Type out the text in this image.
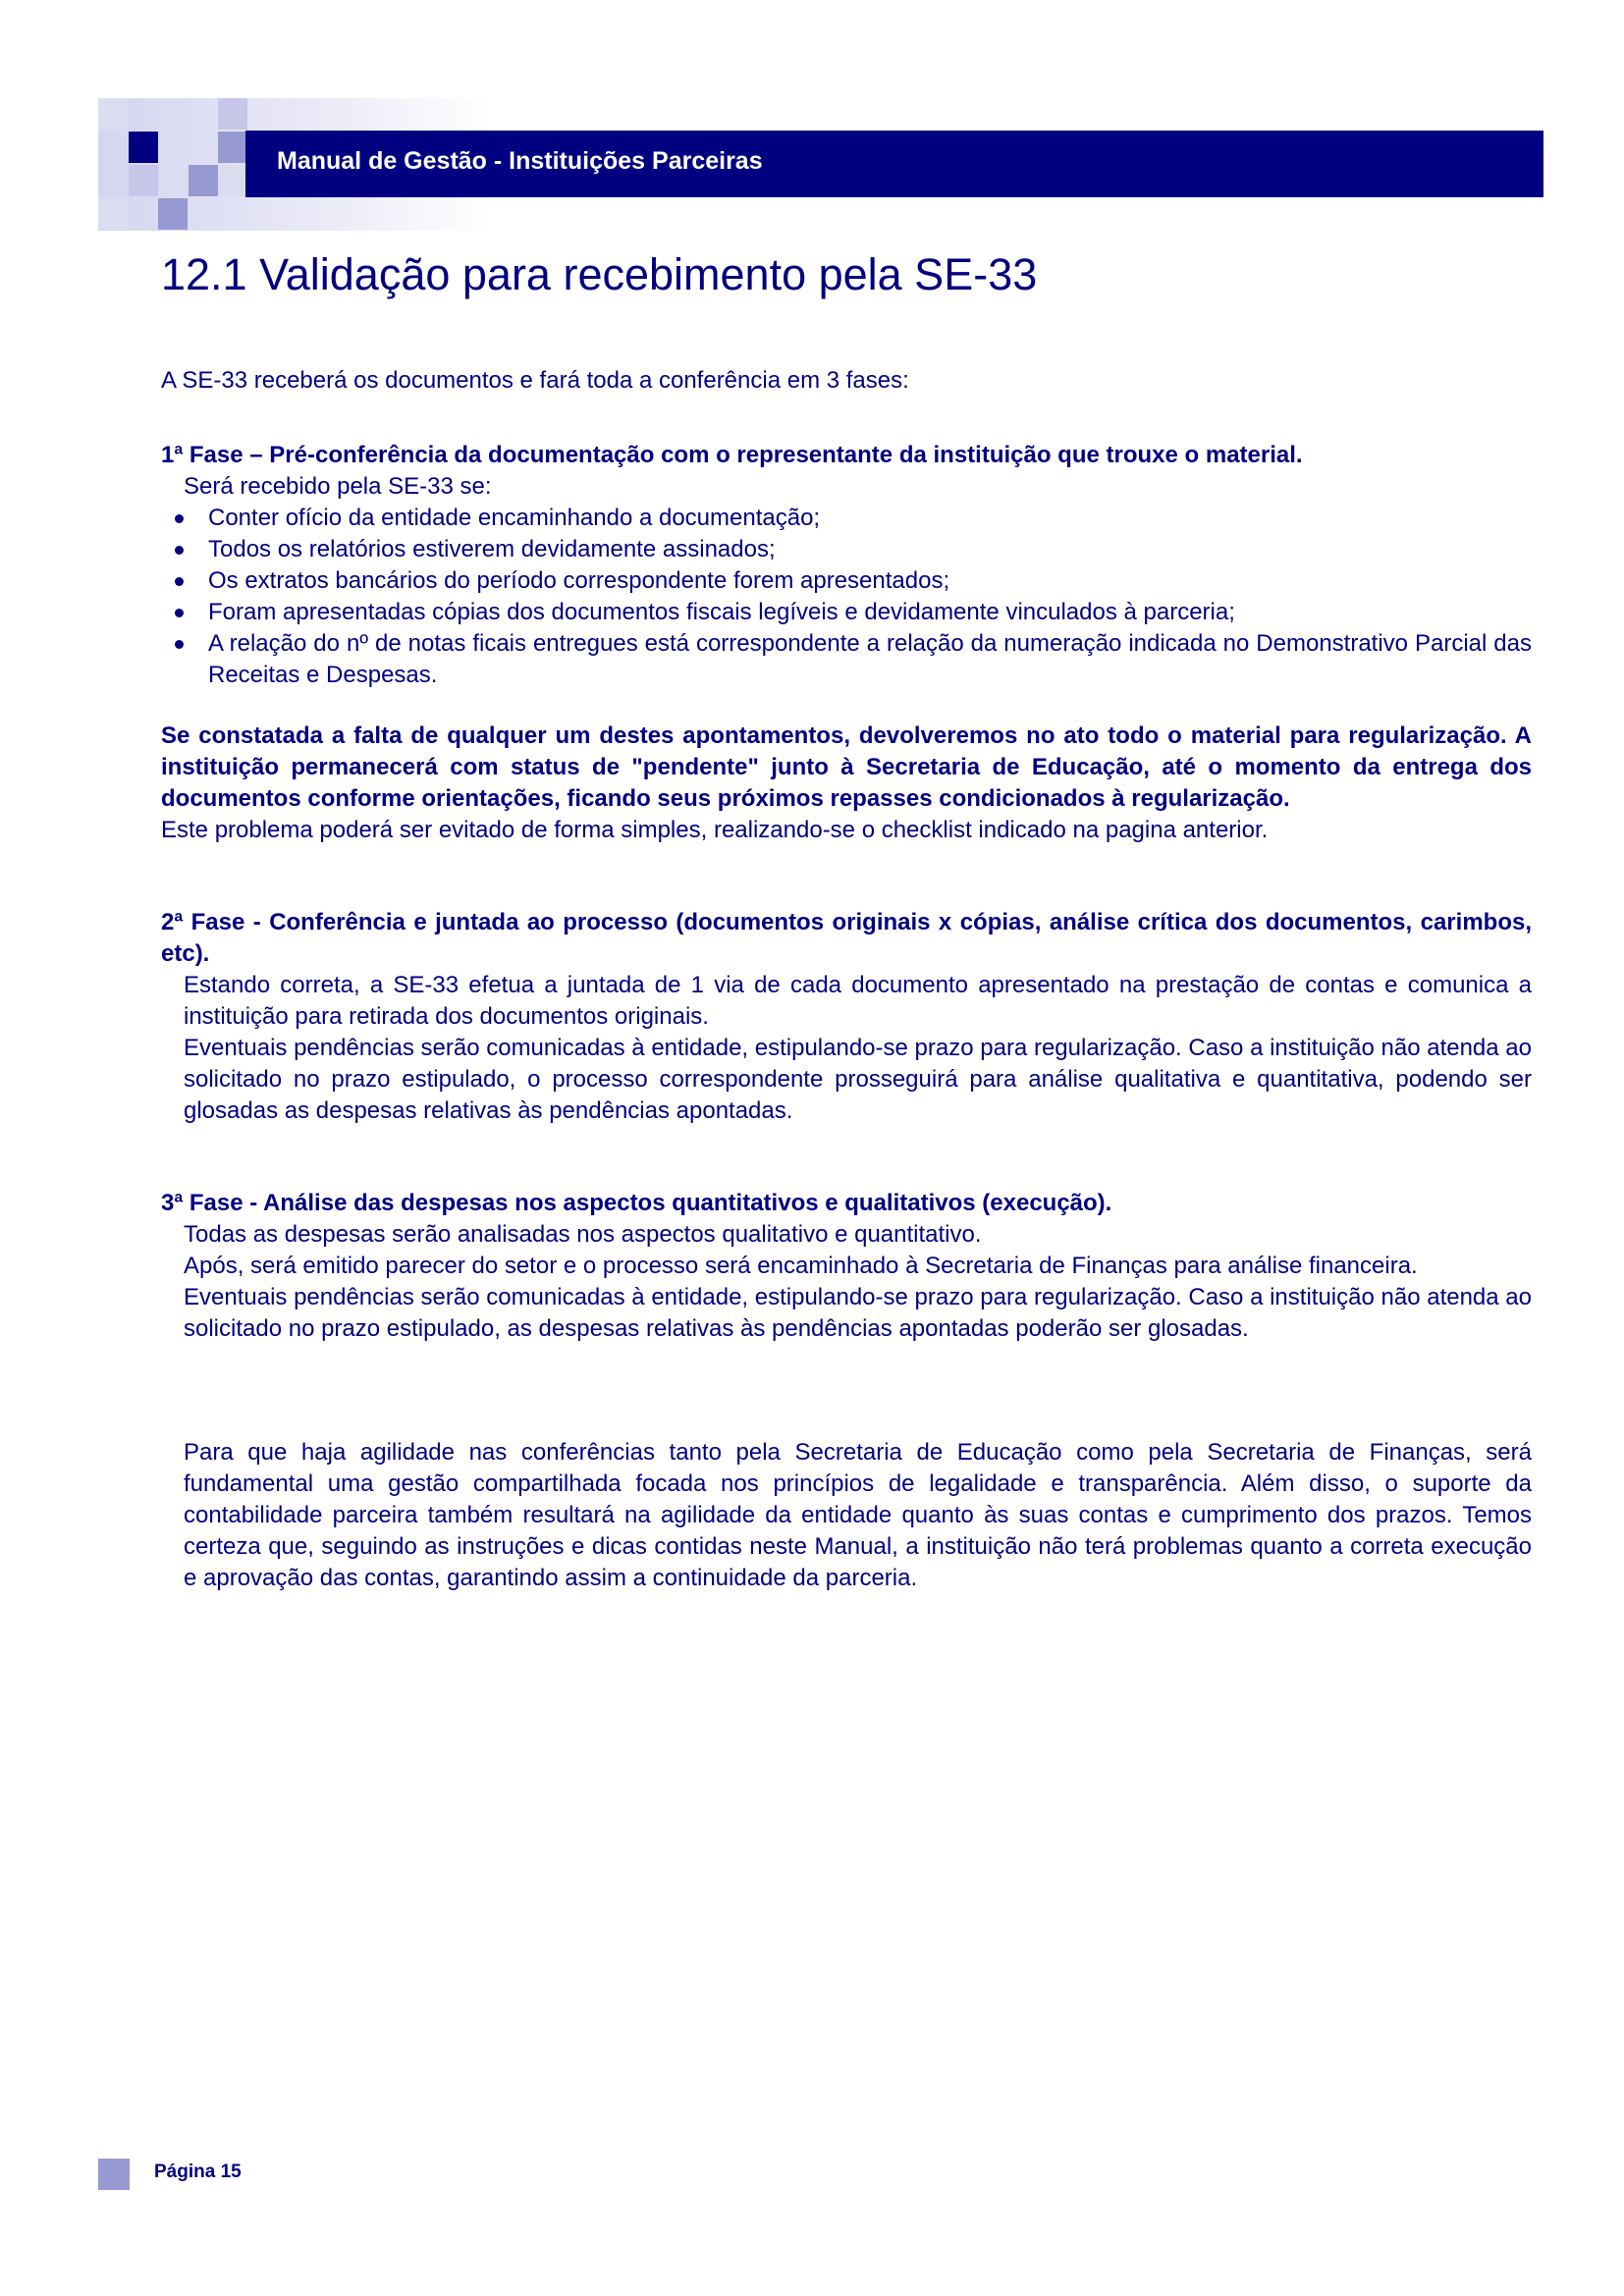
Manual de Gestão - Instituições Parceiras
12.1 Validação para recebimento pela SE-33

A SE-33 receberá os documentos e fará toda a conferência em 3 fases:

1ª Fase – Pré-conferência da documentação com o representante da instituição que trouxe o material.

Será recebido pela SE-33 se:

Conter ofício da entidade encaminhando a documentação;
Todos os relatórios estiverem devidamente assinados;
Os extratos bancários do período correspondente forem apresentados;
Foram apresentadas cópias dos documentos fiscais legíveis e devidamente vinculados à parceria;
A relação do nº de notas ficais entregues está correspondente a relação da numeração indicada no Demonstrativo Parcial das Receitas e Despesas.

Se constatada a falta de qualquer um destes apontamentos, devolveremos no ato todo o material para regularização. A instituição permanecerá com status de "pendente" junto à Secretaria de Educação, até o momento da entrega dos documentos conforme orientações, ficando seus próximos repasses condicionados à regularização.

Este problema poderá ser evitado de forma simples, realizando-se o checklist indicado na pagina anterior.

2ª Fase - Conferência e juntada ao processo (documentos originais x cópias, análise crítica dos documentos, carimbos, etc).

Estando correta, a SE-33 efetua a juntada de 1 via de cada documento apresentado na prestação de contas e comunica a instituição para retirada dos documentos originais.

Eventuais pendências serão comunicadas à entidade, estipulando-se prazo para regularização. Caso a instituição não atenda ao solicitado no prazo estipulado, o processo correspondente prosseguirá para análise qualitativa e quantitativa, podendo ser glosadas as despesas relativas às pendências apontadas.

3ª Fase - Análise das despesas nos aspectos quantitativos e qualitativos (execução).

Todas as despesas serão analisadas nos aspectos qualitativo e quantitativo.

Após, será emitido parecer do setor e o processo será encaminhado à Secretaria de Finanças para análise financeira.

Eventuais pendências serão comunicadas à entidade, estipulando-se prazo para regularização. Caso a instituição não atenda ao solicitado no prazo estipulado, as despesas relativas às pendências apontadas poderão ser glosadas.

Para que haja agilidade nas conferências tanto pela Secretaria de Educação como pela Secretaria de Finanças, será fundamental uma gestão compartilhada focada nos princípios de legalidade e transparência. Além disso, o suporte da contabilidade parceira também resultará na agilidade da entidade quanto às suas contas e cumprimento dos prazos. Temos certeza que, seguindo as instruções e dicas contidas neste Manual, a instituição não terá problemas quanto a correta execução e aprovação das contas, garantindo assim a continuidade da parceria.

Página 15
